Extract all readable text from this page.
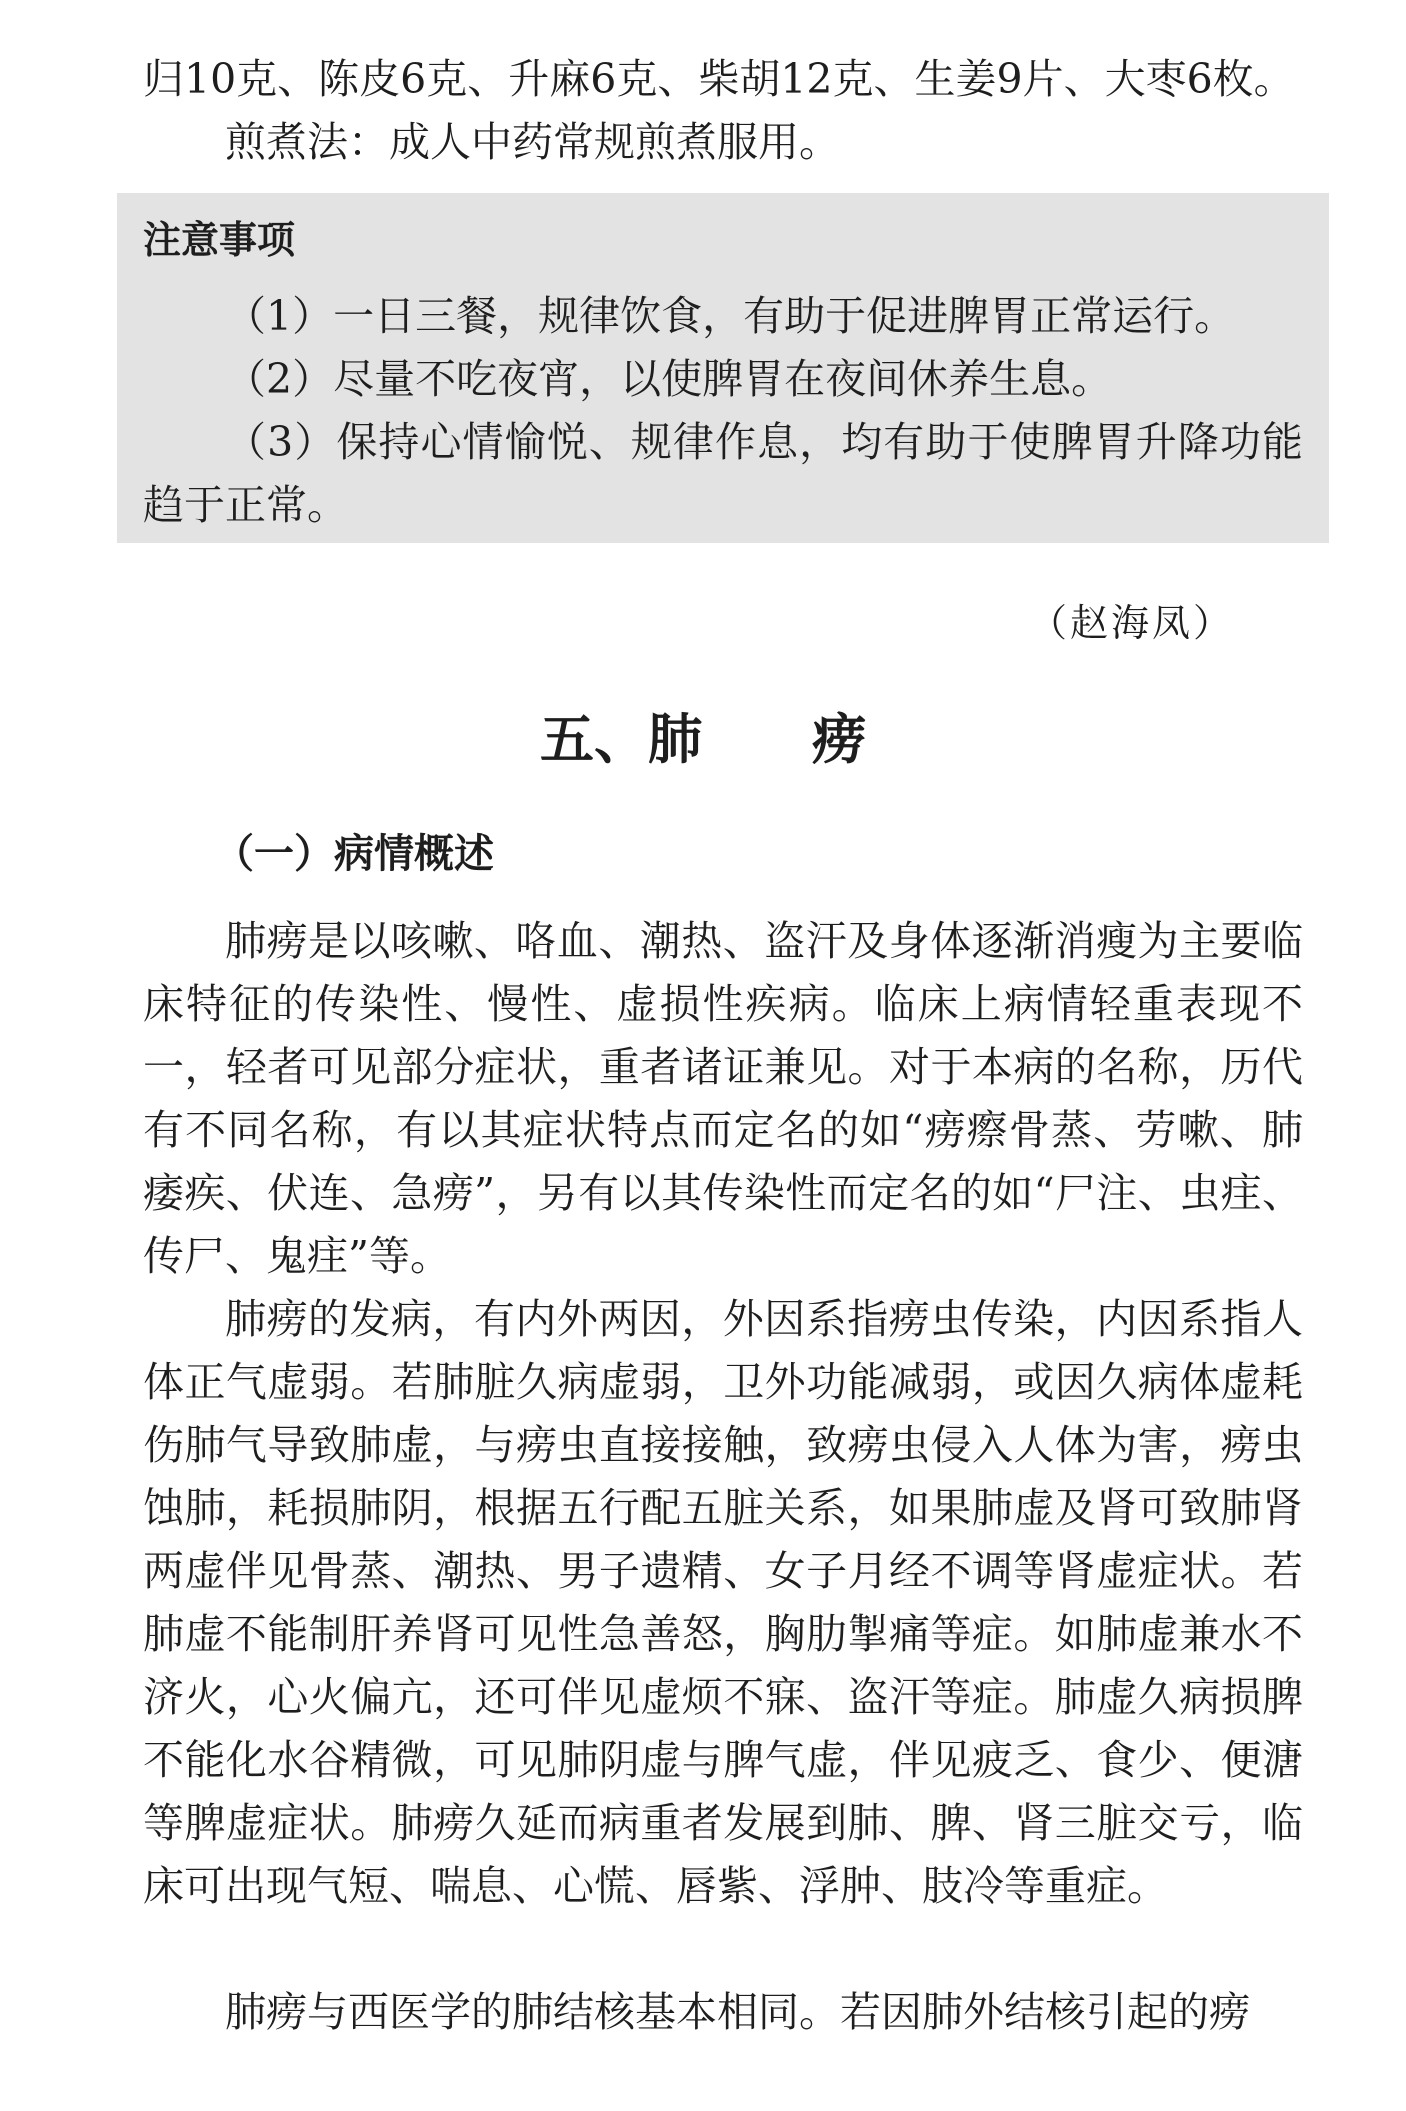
归10克、陈皮6克、升麻6克、柴胡12克、生姜9片、大枣6枚。

煎煮法：成人中药常规煎煮服用。

注意事项
（1）一日三餐，规律饮食，有助于促进脾胃正常运行。
（2）尽量不吃夜宵，以使脾胃在夜间休养生息。
（3）保持心情愉悦、规律作息，均有助于使脾胃升降功能趋于正常。

（赵海凤）

五、肺 痨
（一）病情概述

肺痨是以咳嗽、咯血、潮热、盗汗及身体逐渐消瘦为主要临床特征的传染性、慢性、虚损性疾病。临床上病情轻重表现不一，轻者可见部分症状，重者诸证兼见。对于本病的名称，历代有不同名称，有以其症状特点而定名的如“痨瘵骨蒸、劳嗽、肺痿疾、伏连、急痨”，另有以其传染性而定名的如“尸注、虫疰、传尸、鬼疰”等。

肺痨的发病，有内外两因，外因系指痨虫传染，内因系指人体正气虚弱。若肺脏久病虚弱，卫外功能减弱，或因久病体虚耗伤肺气导致肺虚，与痨虫直接接触，致痨虫侵入人体为害，痨虫蚀肺，耗损肺阴，根据五行配五脏关系，如果肺虚及肾可致肺肾两虚伴见骨蒸、潮热、男子遗精、女子月经不调等肾虚症状。若肺虚不能制肝养肾可见性急善怒，胸肋掣痛等症。如肺虚兼水不济火，心火偏亢，还可伴见虚烦不寐、盗汗等症。肺虚久病损脾不能化水谷精微，可见肺阴虚与脾气虚，伴见疲乏、食少、便溏等脾虚症状。肺痨久延而病重者发展到肺、脾、肾三脏交亏，临床可出现气短、喘息、心慌、唇紫、浮肿、肢冷等重症。

肺痨与西医学的肺结核基本相同。若因肺外结核引起的痨
